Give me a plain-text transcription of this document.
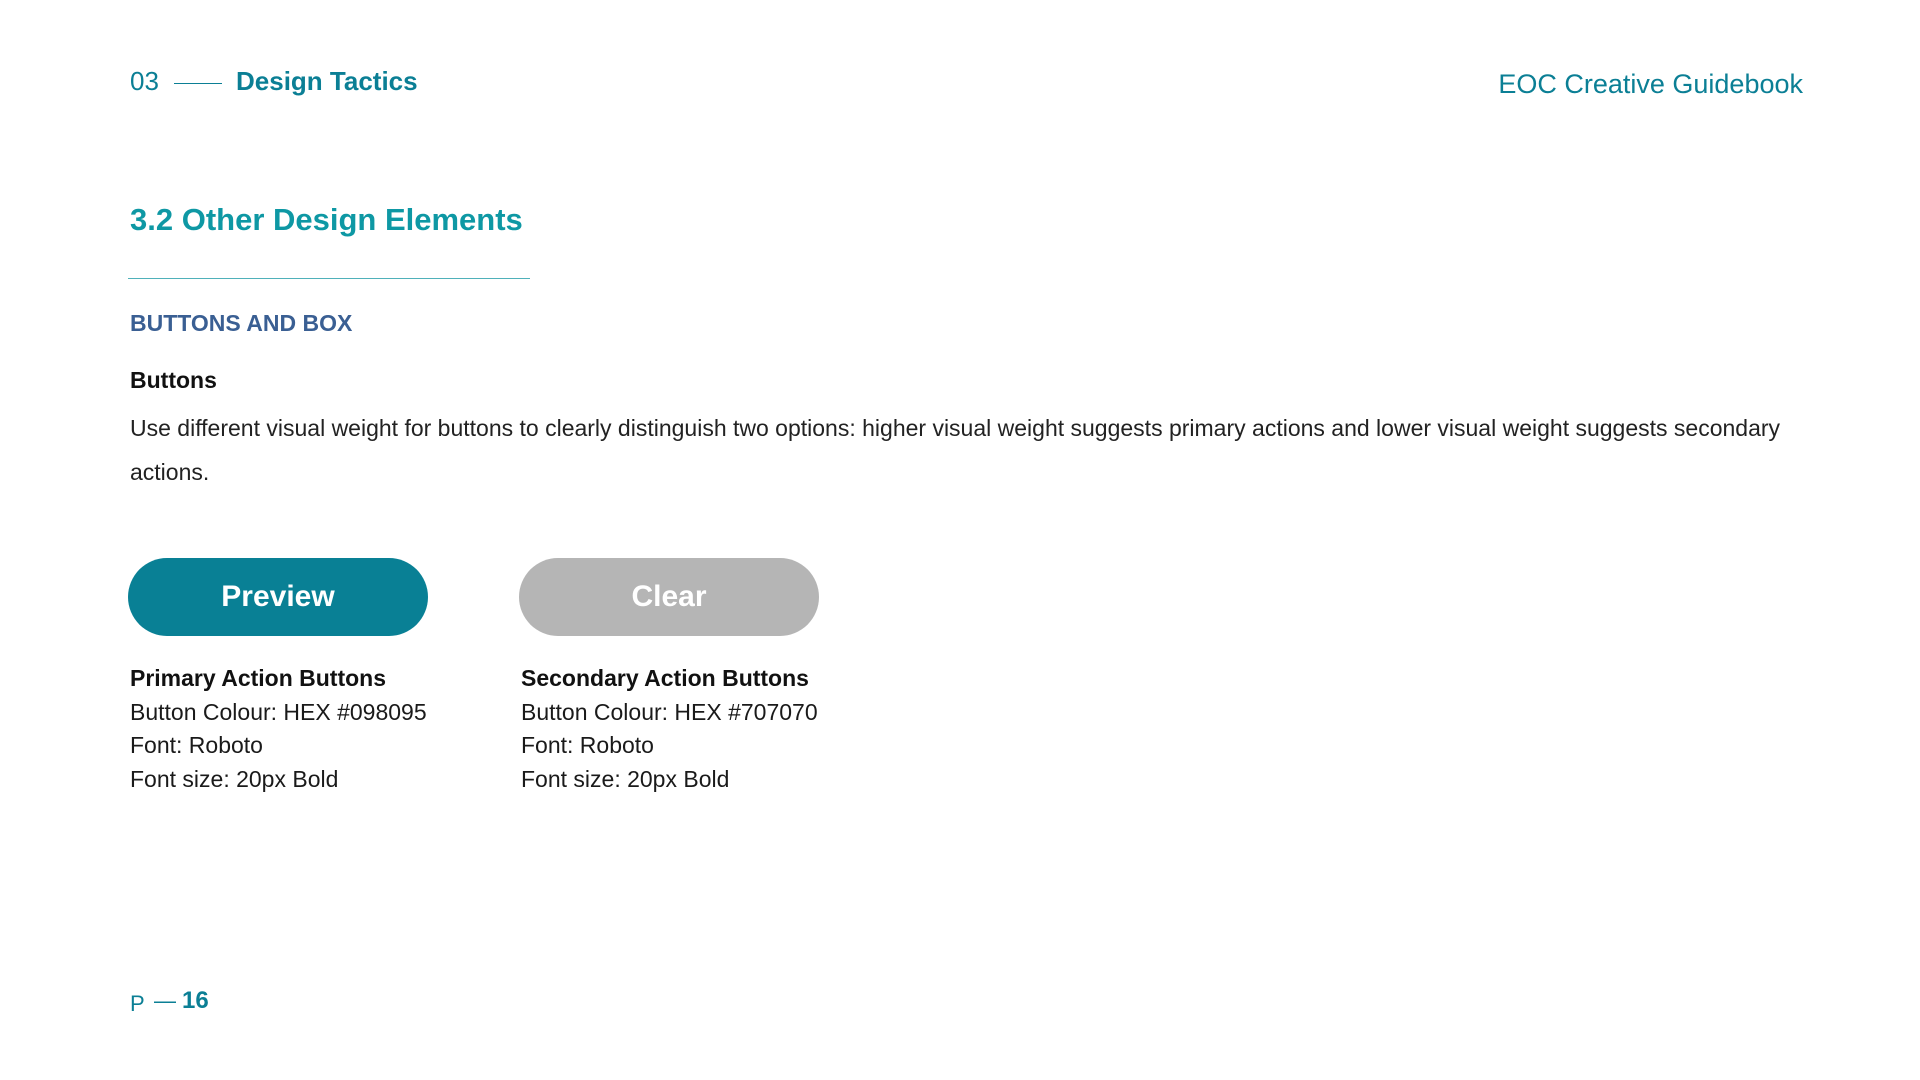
03	Design Tactics	EOC Creative Guidebook
3.2 Other Design Elements
BUTTONS AND BOX
Buttons
Use different visual weight for buttons to clearly distinguish two options: higher visual weight suggests primary actions and lower visual weight suggests secondary actions.
Preview	Clear
Primary Action Buttons
Button Colour: HEX #098095
Font: Roboto
Font size: 20px Bold
Secondary Action Buttons
Button Colour: HEX #707070
Font: Roboto
Font size: 20px Bold
P — 16
